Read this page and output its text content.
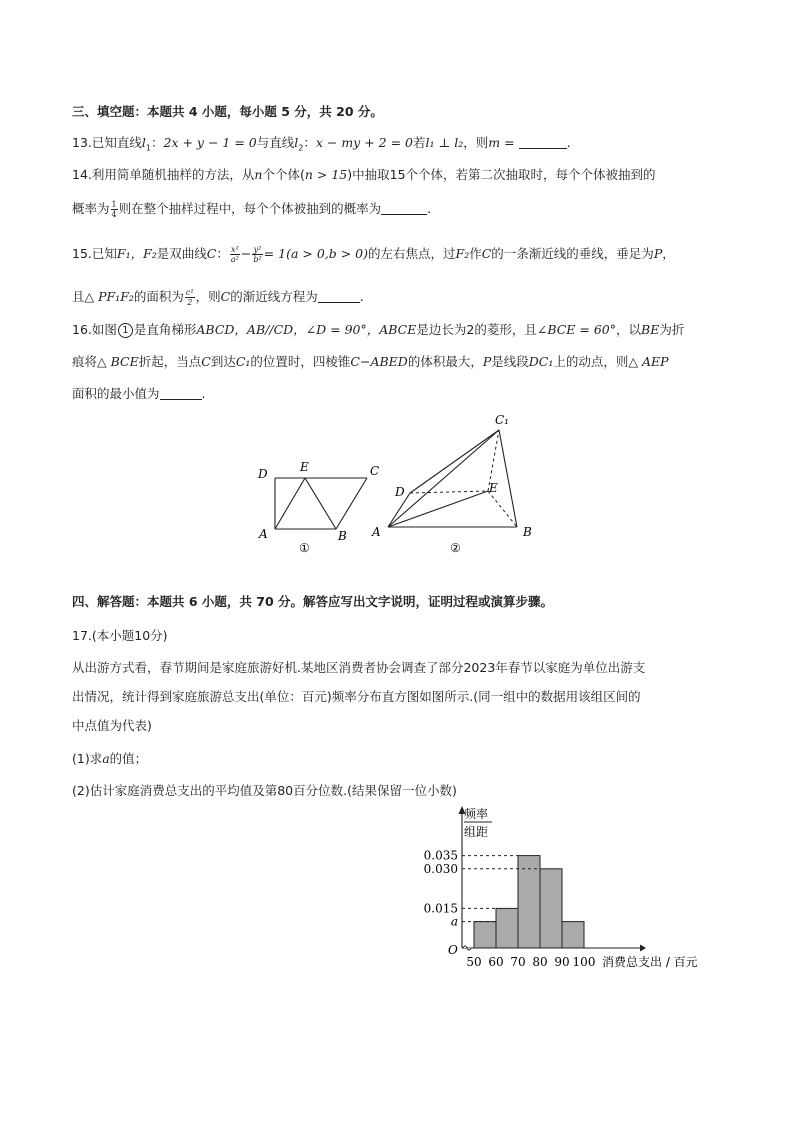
三、填空题：本题共 4 小题，每小题 5 分，共 20 分。
13.已知直线$l_1$：2x + y − 1 = 0与直线$l_2$：x − my + 2 = 0若l₁ ⊥ l₂，则m =	.
14.利用简单随机抽样的方法，从n个个体(n > 15)中抽取15个个体，若第二次抽取时，每个个体被抽到的
概率为 $\frac{1}{4}$ 则在整个抽样过程中，每个个体被抽到的概率为	.
15.已知F₁，F₂是双曲线C： $\frac{\text{x²}}{\text{a²}} - \frac{\text{y²}}{\text{b²}} = 1(a > 0,b > 0)$的左右焦点，过F₂作C的一条渐近线的垂线，垂足为P，
且△ PF₁F₂的面积为 $\frac{\text{c²}}{2}$ ，则C的渐近线方程为	.
16.如图 1 是直角梯形ABCD，AB//CD，∠D = 90°，ABCE是边长为2的菱形，且∠BCE = 60°，以BE为折
痕将△ BCE折起，当点C到达C₁的位置时，四棱锥C−ABED的体积最大，P是线段DC₁上的动点，则△ AEP
面积的最小值为	.
D	E	C
A	B
①
C₁
D	E
A	B
②
四、解答题：本题共 6 小题，共 70 分。解答应写出文字说明，证明过程或演算步骤。
17.(本小题10分)
从出游方式看，春节期间是家庭旅游好机.某地区消费者协会调查了部分2023年春节以家庭为单位出游支
出情况，统计得到家庭旅游总支出(单位：百元)频率分布直方图如图所示.(同一组中的数据用该组区间的
中点值为代表)
(1)求a的值；
(2)估计家庭消费总支出的平均值及第80百分位数.(结果保留一位小数)
O
频率
组距
a
0.015
0.030
0.035
50 60 70 80 90 100 消费总支出 / 百元
